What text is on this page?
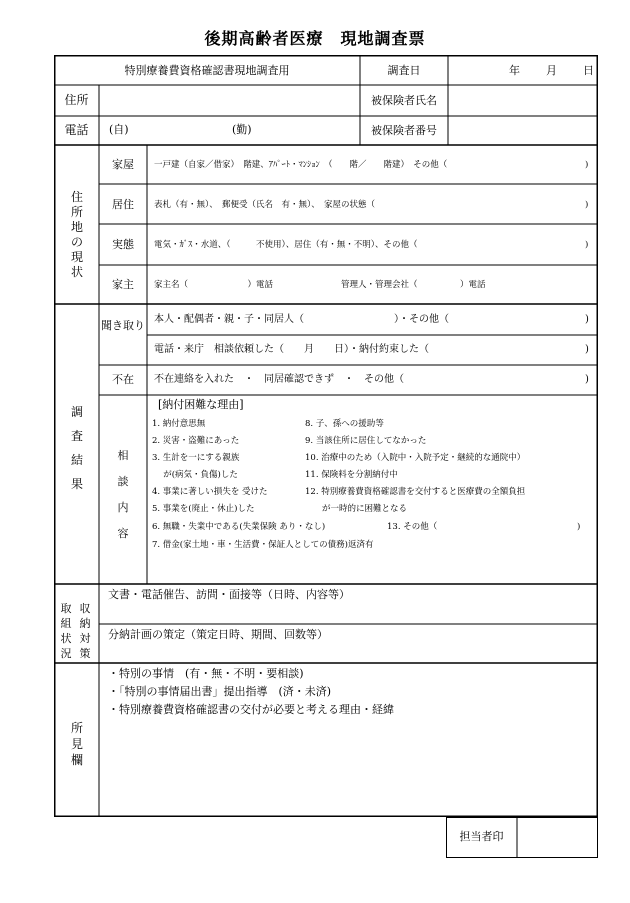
後期高齢者医療　現地調査票
特別療養費資格確認書現地調査用	調査日	年 月 日
住所	被保険者氏名
電話	(自)	(勤)	被保険者番号
住所地の現状
家屋	一戸建（自家／借家）　階建、ｱﾊﾟｰﾄ・ﾏﾝｼｮﾝ　（　　階／　　階建）　その他（	)
居住	表札（有・無）、　郵便受（氏名　有・無）、　家屋の状態（	)
実態	電気・ｶﾞｽ・水道、（　　　不使用）、居住（有・無・不明）、その他（	)
家主	家主名（　　　　　　　）電話　　　　　　　　管理人・管理会社（　　　　　）電話
調査結果
聞き取り 本人・配偶者・親・子・同居人（　　　　　　　　　）・その他（	)
電話・来庁　相談依頼した（　　月　　日）・納付約束した（	)
不在	不在連絡を入れた　・　同居確認できず　・　その他（	)
相談内容
[納付困難な理由]
1. 納付意思無
2. 災害・盗難にあった
3. 生計を一にする親族
　 が(病気・負傷)した
4. 事業に著しい損失を 受けた
5. 事業を(廃止・休止)した
6. 無職・失業中である(失業保険 あり・なし)
7. 借金(家土地・車・生活費・保証人としての債務)返済有
8. 子、孫への援助等
9. 当該住所に居住してなかった
10. 治療中のため（入院中・入院予定・継続的な通院中）
11. 保険料を分割納付中
12. 特別療養費資格確認書を交付すると医療費の全額負担
　　が一時的に困難となる
13. その他（	)
取組状況
収納対策
文書・電話催告、訪問・面接等（日時、内容等）
分納計画の策定（策定日時、期間、回数等）
所見欄
・特別の事情　(有・無・不明・要相談)
・「特別の事情届出書」提出指導　(済・未済)
・特別療養費資格確認書の交付が必要と考える理由・経緯
担当者印
